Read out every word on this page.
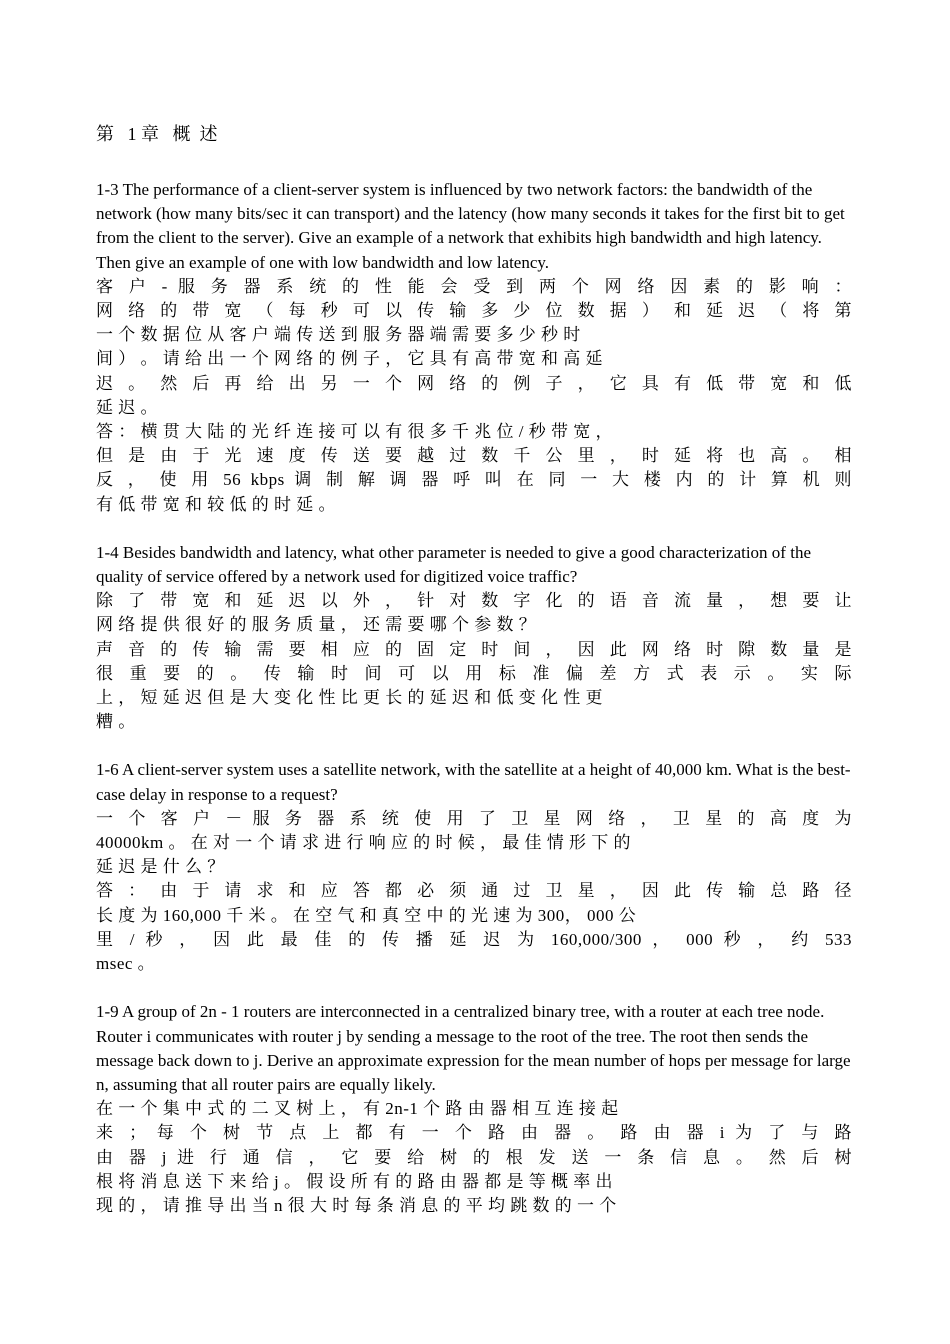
第   1 章   概  述

1-3 The performance of a client-server system is influenced by two network factors: the bandwidth of the network (how many bits/sec it can transport) and the latency (how many seconds it takes for the first bit to get from the client to the server). Give an example of a network that exhibits high bandwidth and high latency. Then give an example of one with low bandwidth and low latency.

客 户 - 服 务 器 系 统 的 性 能 会 受 到 两 个 网 络 因 素 的 影 响 ：

网 络 的 带 宽 （ 每 秒 可 以 传 输 多 少 位 数 据 ） 和 延 迟 （ 将 第

一 个 数 据 位 从 客 户 端 传 送 到 服 务 器 端 需 要 多 少 秒 时

间 ） 。 请 给 出 一 个 网 络 的 例 子 ， 它 具 有 高 带 宽 和 高 延

迟 。 然 后 再 给 出 另 一 个 网 络 的 例 子 ， 它 具 有 低 带 宽 和 低

延 迟 。

答 ： 横 贯 大 陆 的 光 纤 连 接 可 以 有 很 多 千 兆 位 / 秒 带 宽 ，

但 是 由 于 光 速 度 传 送 要 越 过 数 千 公 里 ， 时 延 将 也 高 。 相

反 ， 使 用 56 kbps 调 制 解 调 器 呼 叫 在 同 一 大 楼 内 的 计 算 机 则

有 低 带 宽 和 较 低 的 时 延 。

1-4 Besides bandwidth and latency, what other parameter is needed to give a good characterization of the quality of service offered by a network used for digitized voice traffic?

除 了 带 宽 和 延 迟 以 外 ， 针 对 数 字 化 的 语 音 流 量 ， 想 要 让

网 络 提 供 很 好 的 服 务 质 量 ， 还 需 要 哪 个 参 数 ？

声 音 的 传 输 需 要 相 应 的 固 定 时 间 ， 因 此 网 络 时 隙 数 量 是

很 重 要 的 。 传 输 时 间 可 以 用 标 准 偏 差 方 式 表 示 。 实 际

上 ， 短 延 迟 但 是 大 变 化 性 比 更 长 的 延 迟 和 低 变 化 性 更

糟 。

1-6 A client-server system uses a satellite network, with the satellite at a height of 40,000 km. What is the best-case delay in response to a request?

一 个 客 户 － 服 务 器 系 统 使 用 了 卫 星 网 络 ， 卫 星 的 高 度 为

40000km 。 在 对 一 个 请 求 进 行 响 应 的 时 候 ， 最 佳 情 形 下 的

延 迟 是 什 么 ？

答 ： 由 于 请 求 和 应 答 都 必 须 通 过 卫 星 ， 因 此 传 输 总 路 径

长 度 为 160,000 千 米 。 在 空 气 和 真 空 中 的 光 速 为 300， 000 公

里 / 秒 ， 因 此 最 佳 的 传 播 延 迟 为 160,000/300 ， 000 秒 ， 约 533

msec 。

1-9 A group of 2n - 1 routers are interconnected in a centralized binary tree, with a router at each tree node. Router i communicates with router j by sending a message to the root of the tree. The root then sends the message back down to j. Derive an approximate expression for the mean number of hops per message for large n, assuming that all router pairs are equally likely.

在 一 个 集 中 式 的 二 叉 树 上 ， 有 2n-1 个 路 由 器 相 互 连 接 起

来 ； 每 个 树 节 点 上 都 有 一 个 路 由 器 。 路 由 器 i 为 了 与 路

由 器 j 进 行 通 信 ， 它 要 给 树 的 根 发 送 一 条 信 息 。 然 后 树

根 将 消 息 送 下 来 给 j 。 假 设 所 有 的 路 由 器 都 是 等 概 率 出

现 的 ， 请 推 导 出 当 n 很 大 时 每 条 消 息 的 平 均 跳 数 的 一 个
